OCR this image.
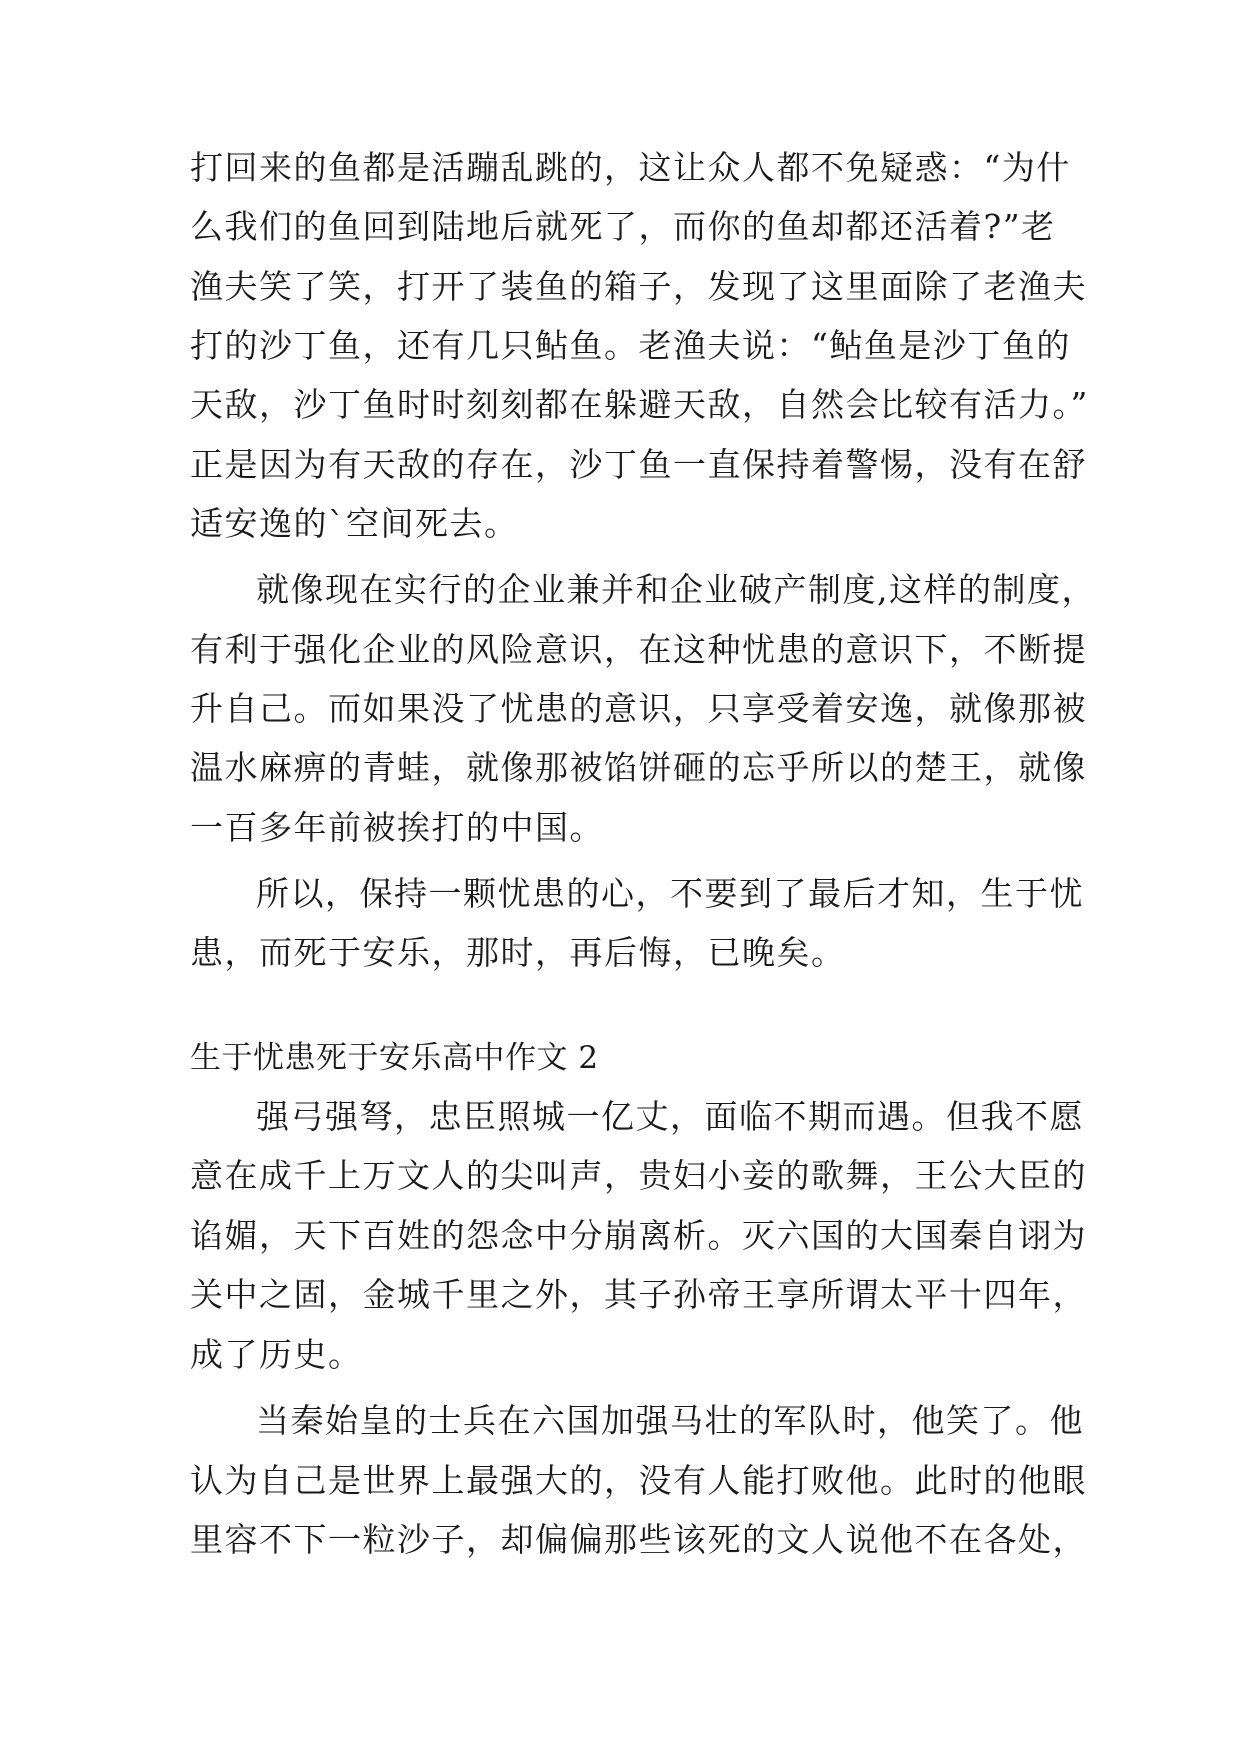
打回来的鱼都是活蹦乱跳的，这让众人都不免疑惑：“为什
么我们的鱼回到陆地后就死了，而你的鱼却都还活着?”老
渔夫笑了笑，打开了装鱼的箱子，发现了这里面除了老渔夫
打的沙丁鱼，还有几只鲇鱼。老渔夫说：“鲇鱼是沙丁鱼的
天敌，沙丁鱼时时刻刻都在躲避天敌，自然会比较有活力。”
正是因为有天敌的存在，沙丁鱼一直保持着警惕，没有在舒
适安逸的`空间死去。
就像现在实行的企业兼并和企业破产制度,这样的制度，
有利于强化企业的风险意识，在这种忧患的意识下，不断提
升自己。而如果没了忧患的意识，只享受着安逸，就像那被
温水麻痹的青蛙，就像那被馅饼砸的忘乎所以的楚王，就像
一百多年前被挨打的中国。
所以，保持一颗忧患的心，不要到了最后才知，生于忧
患，而死于安乐，那时，再后悔，已晚矣。
生于忧患死于安乐高中作文 2
强弓强弩，忠臣照城一亿丈，面临不期而遇。但我不愿
意在成千上万文人的尖叫声，贵妇小妾的歌舞，王公大臣的
谄媚，天下百姓的怨念中分崩离析。灭六国的大国秦自诩为
关中之固，金城千里之外，其子孙帝王享所谓太平十四年，
成了历史。
当秦始皇的士兵在六国加强马壮的军队时，他笑了。他
认为自己是世界上最强大的，没有人能打败他。此时的他眼
里容不下一粒沙子，却偏偏那些该死的文人说他不在各处，
